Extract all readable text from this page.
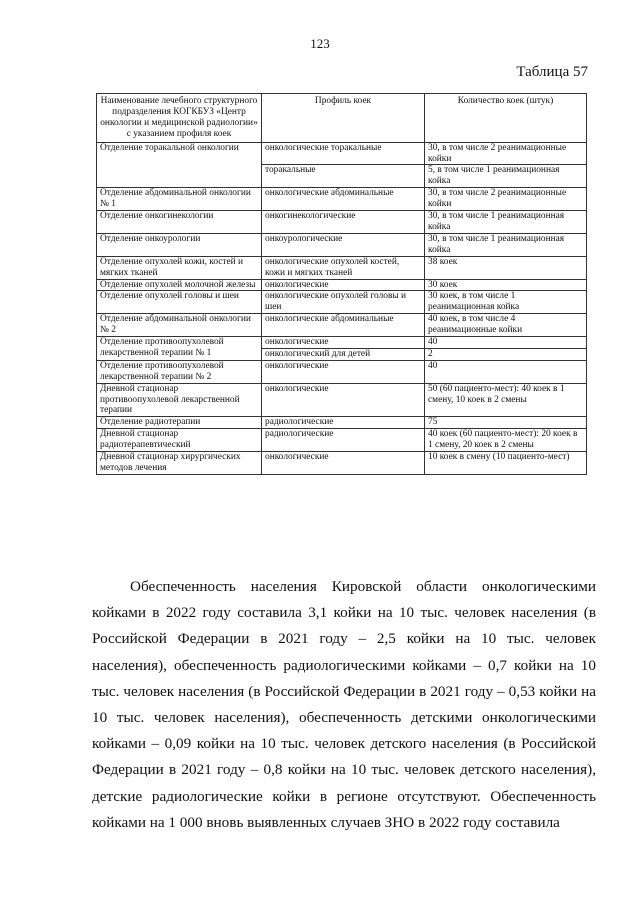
123
Таблица 57
Наименование лечебного структурного подразделения КОГКБУЗ «Центр онкологии и медицинской радиологии» с указанием профиля коек	Профиль коек	Количество коек (штук)
Отделение торакальной онкологии	онкологические торакальные	30, в том числе 2 реанимационные койки
	торакальные	5, в том числе 1 реанимационная койка
Отделение абдоминальной онкологии № 1	онкологические абдоминальные	30, в том числе 2 реанимационные койки
Отделение онкогинекологии	онкогинекологические	30, в том числе 1 реанимационная койка
Отделение онкоурологии	онкоурологические	30, в том числе 1 реанимационная койка
Отделение опухолей кожи, костей и мягких тканей	онкологические опухолей костей, кожи и мягких тканей	38 коек
Отделение опухолей молочной железы	онкологические	30 коек
Отделение опухолей головы и шеи	онкологические опухолей головы и шеи	30 коек, в том числе 1 реанимационная койка
Отделение абдоминальной онкологии № 2	онкологические абдоминальные	40 коек, в том числе 4 реанимационные койки
Отделение противоопухолевой лекарственной терапии № 1	онкологические	40
	онкологический для детей	2
Отделение противоопухолевой лекарственной терапии № 2	онкологические	40
Дневной стационар противоопухолевой лекарственной терапии	онкологические	50 (60 пациенто-мест): 40 коек в 1 смену, 10 коек в 2 смены
Отделение радиотерапии	радиологические	75
Дневной стационар радиотерапевтический	радиологические	40 коек (60 пациенто-мест): 20 коек в 1 смену, 20 коек в 2 смены
Дневной стационар хирургических методов лечения	онкологические	10 коек в смену (10 пациенто-мест)

Обеспеченность населения Кировской области онкологическими койками в 2022 году составила 3,1 койки на 10 тыс. человек населения (в Российской Федерации в 2021 году – 2,5 койки на 10 тыс. человек населения), обеспеченность радиологическими койками – 0,7 койки на 10 тыс. человек населения (в Российской Федерации в 2021 году – 0,53 койки на 10 тыс. человек населения), обеспеченность детскими онкологическими койками – 0,09 койки на 10 тыс. человек детского населения (в Российской Федерации в 2021 году – 0,8 койки на 10 тыс. человек детского населения), детские радиологические койки в регионе отсутствуют. Обеспеченность койками на 1 000 вновь выявленных случаев ЗНО в 2022 году составила
